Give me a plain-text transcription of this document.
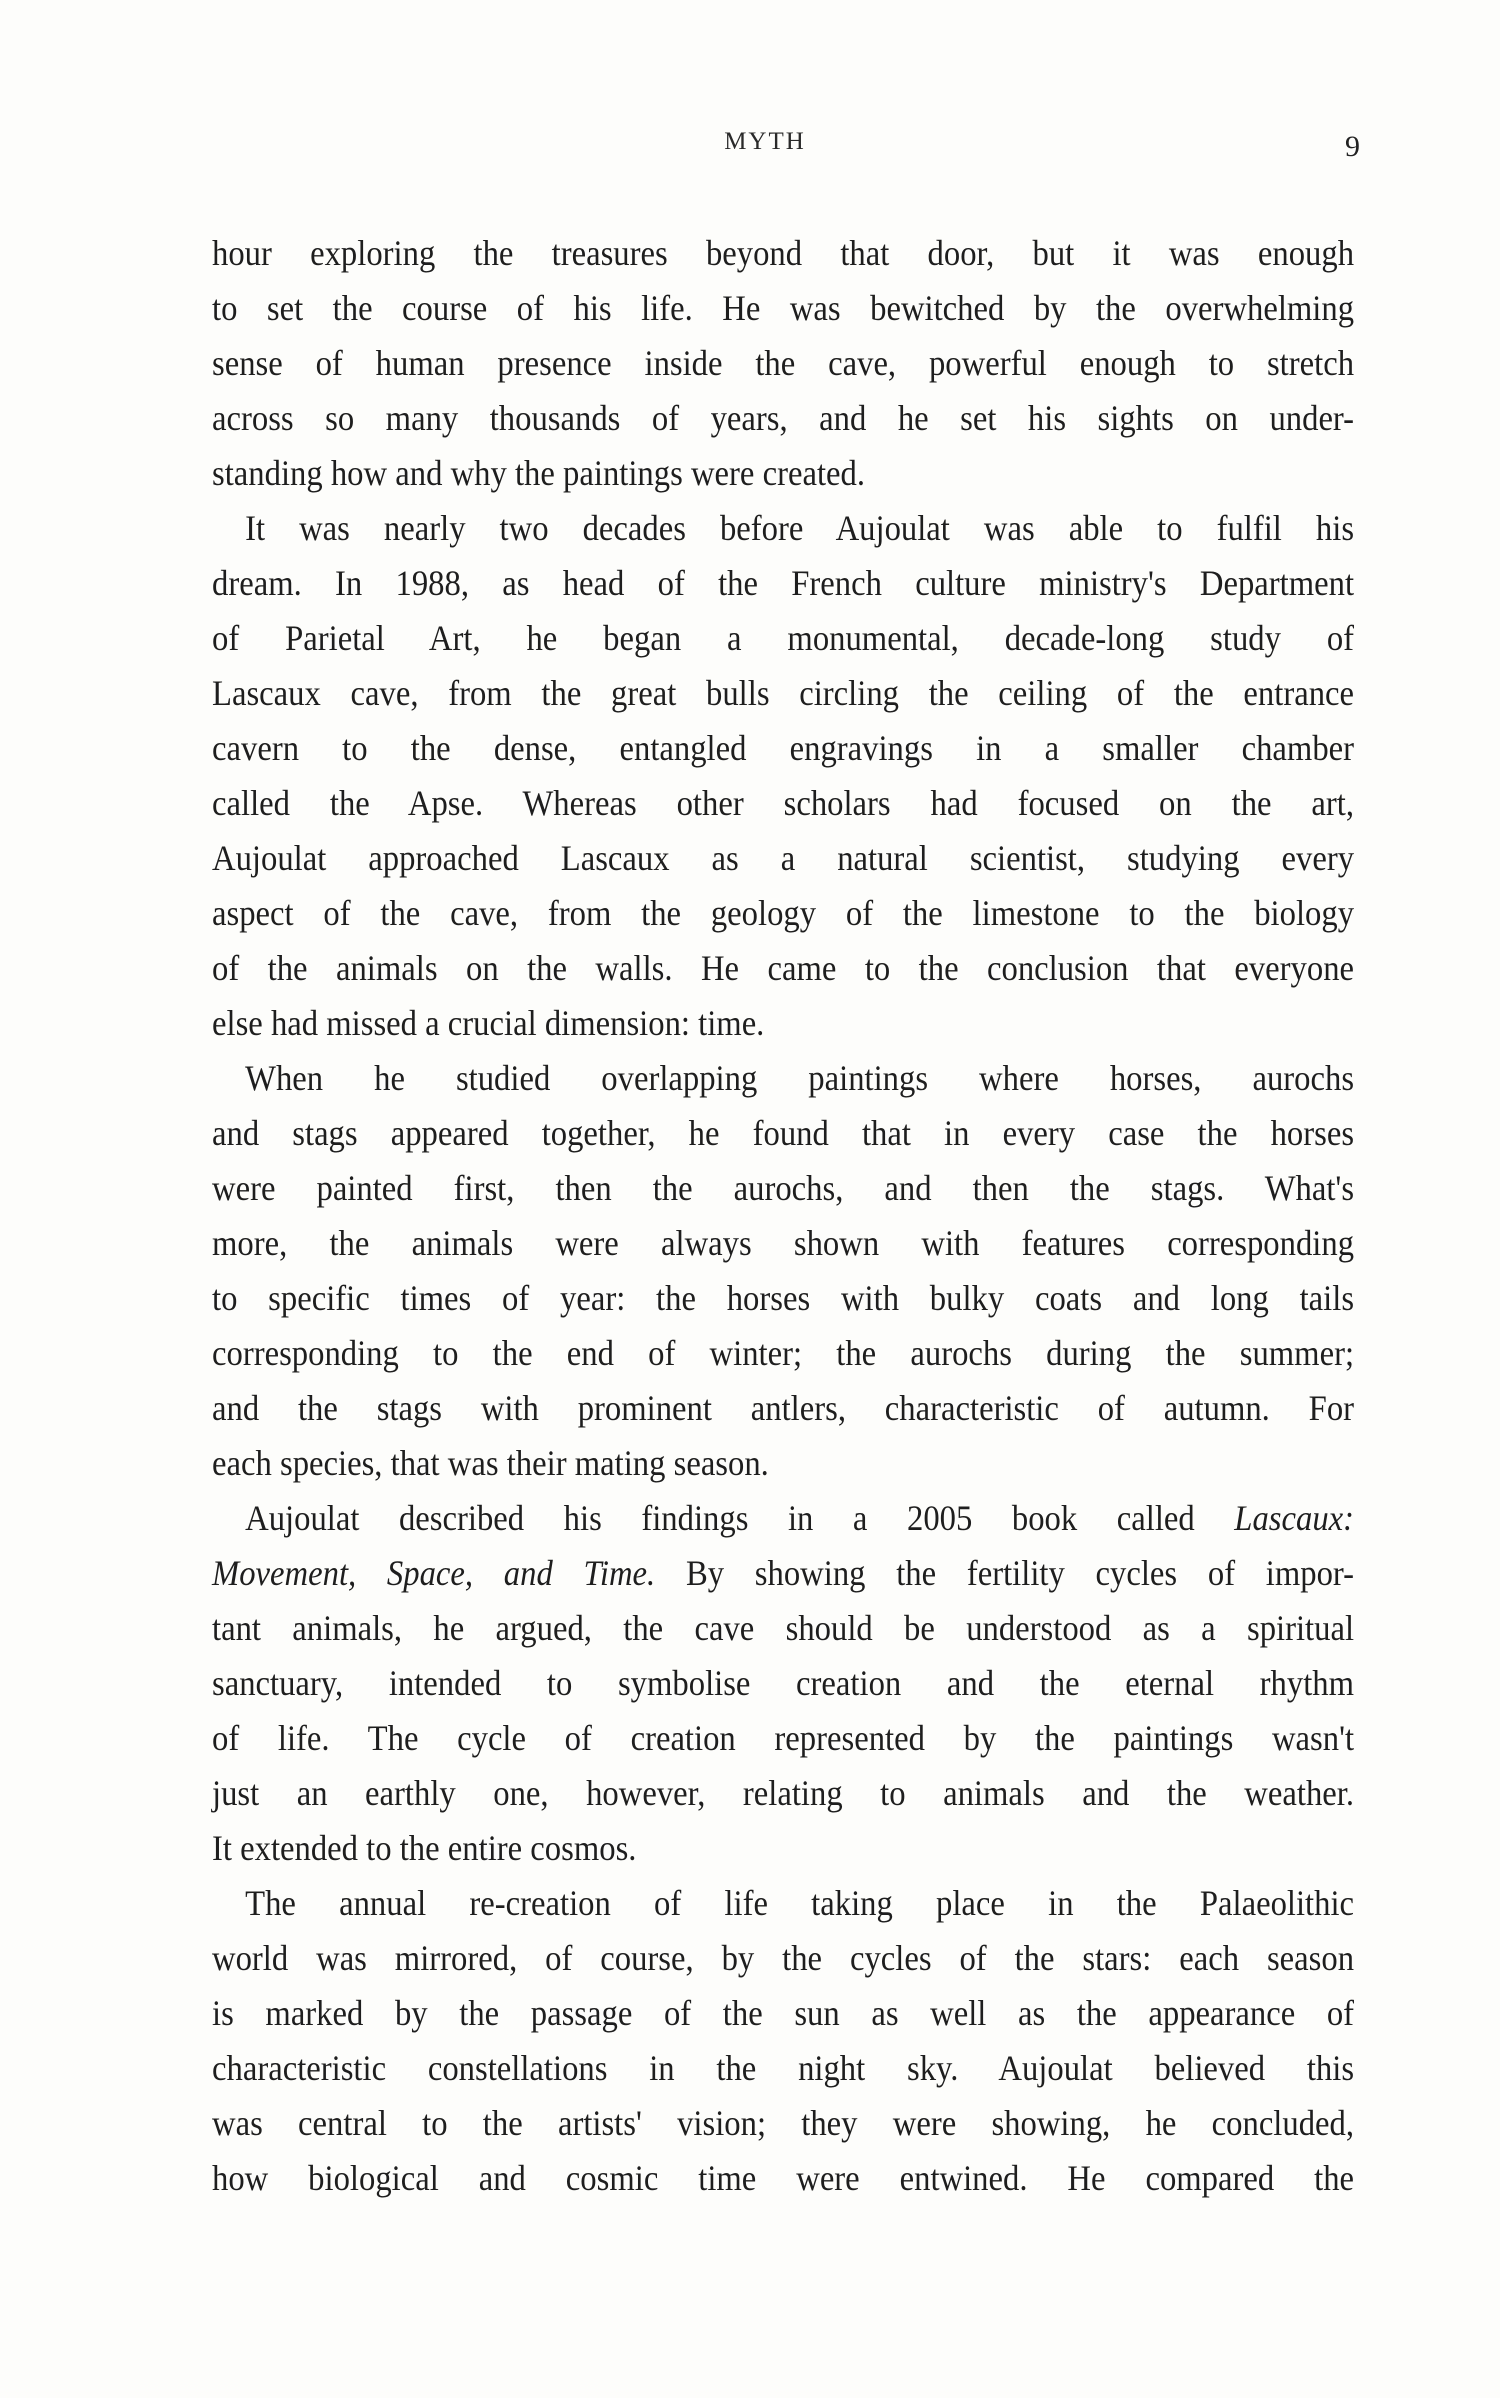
MYTH	9
hour exploring the treasures beyond that door, but it was enough
to set the course of his life. He was bewitched by the overwhelming
sense of human presence inside the cave, powerful enough to stretch
across so many thousands of years, and he set his sights on under-
standing how and why the paintings were created.
It was nearly two decades before Aujoulat was able to fulfil his
dream. In 1988, as head of the French culture ministry's Department
of Parietal Art, he began a monumental, decade-long study of
Lascaux cave, from the great bulls circling the ceiling of the entrance
cavern to the dense, entangled engravings in a smaller chamber
called the Apse. Whereas other scholars had focused on the art,
Aujoulat approached Lascaux as a natural scientist, studying every
aspect of the cave, from the geology of the limestone to the biology
of the animals on the walls. He came to the conclusion that everyone
else had missed a crucial dimension: time.
When he studied overlapping paintings where horses, aurochs
and stags appeared together, he found that in every case the horses
were painted first, then the aurochs, and then the stags. What's
more, the animals were always shown with features corresponding
to specific times of year: the horses with bulky coats and long tails
corresponding to the end of winter; the aurochs during the summer;
and the stags with prominent antlers, characteristic of autumn. For
each species, that was their mating season.
Aujoulat described his findings in a 2005 book called Lascaux:
Movement, Space, and Time. By showing the fertility cycles of impor-
tant animals, he argued, the cave should be understood as a spiritual
sanctuary, intended to symbolise creation and the eternal rhythm
of life. The cycle of creation represented by the paintings wasn't
just an earthly one, however, relating to animals and the weather.
It extended to the entire cosmos.
The annual re-creation of life taking place in the Palaeolithic
world was mirrored, of course, by the cycles of the stars: each season
is marked by the passage of the sun as well as the appearance of
characteristic constellations in the night sky. Aujoulat believed this
was central to the artists' vision; they were showing, he concluded,
how biological and cosmic time were entwined. He compared the
